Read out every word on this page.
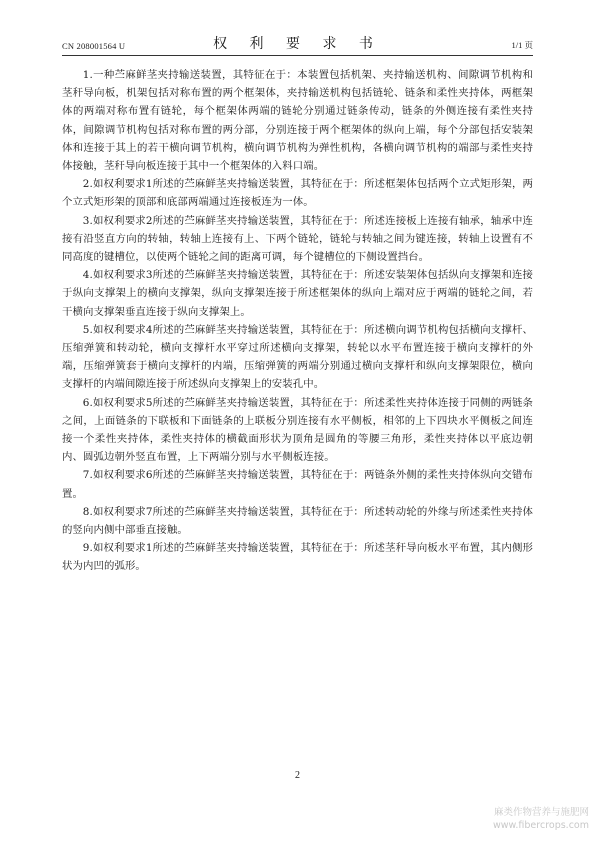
CN 208001564 U	权 利 要 求 书	1/1 页

1.一种苎麻鲜茎夹持输送装置，其特征在于：本装置包括机架、夹持输送机构、间隙调节机构和茎秆导向板，机架包括对称布置的两个框架体，夹持输送机构包括链轮、链条和柔性夹持体，两框架体的两端对称布置有链轮，每个框架体两端的链轮分别通过链条传动，链条的外侧连接有柔性夹持体，间隙调节机构包括对称布置的两分部，分别连接于两个框架体的纵向上端，每个分部包括安装架体和连接于其上的若干横向调节机构，横向调节机构为弹性机构，各横向调节机构的端部与柔性夹持体接触，茎秆导向板连接于其中一个框架体的入料口端。

2.如权利要求1所述的苎麻鲜茎夹持输送装置，其特征在于：所述框架体包括两个立式矩形架，两个立式矩形架的顶部和底部两端通过连接板连为一体。

3.如权利要求2所述的苎麻鲜茎夹持输送装置，其特征在于：所述连接板上连接有轴承，轴承中连接有沿竖直方向的转轴，转轴上连接有上、下两个链轮，链轮与转轴之间为键连接，转轴上设置有不同高度的键槽位，以使两个链轮之间的距离可调，每个键槽位的下侧设置挡台。

4.如权利要求3所述的苎麻鲜茎夹持输送装置，其特征在于：所述安装架体包括纵向支撑架和连接于纵向支撑架上的横向支撑架，纵向支撑架连接于所述框架体的纵向上端对应于两端的链轮之间，若干横向支撑架垂直连接于纵向支撑架上。

5.如权利要求4所述的苎麻鲜茎夹持输送装置，其特征在于：所述横向调节机构包括横向支撑杆、压缩弹簧和转动轮，横向支撑杆水平穿过所述横向支撑架，转轮以水平布置连接于横向支撑杆的外端，压缩弹簧套于横向支撑杆的内端，压缩弹簧的两端分别通过横向支撑杆和纵向支撑架限位，横向支撑杆的内端间隙连接于所述纵向支撑架上的安装孔中。

6.如权利要求5所述的苎麻鲜茎夹持输送装置，其特征在于：所述柔性夹持体连接于同侧的两链条之间，上面链条的下联板和下面链条的上联板分别连接有水平侧板，相邻的上下四块水平侧板之间连接一个柔性夹持体，柔性夹持体的横截面形状为顶角是圆角的等腰三角形，柔性夹持体以平底边朝内、圆弧边朝外竖直布置，上下两端分别与水平侧板连接。

7.如权利要求6所述的苎麻鲜茎夹持输送装置，其特征在于：两链条外侧的柔性夹持体纵向交错布置。

8.如权利要求7所述的苎麻鲜茎夹持输送装置，其特征在于：所述转动轮的外缘与所述柔性夹持体的竖向内侧中部垂直接触。

9.如权利要求1所述的苎麻鲜茎夹持输送装置，其特征在于：所述茎秆导向板水平布置，其内侧形状为内凹的弧形。

2
麻类作物营养与施肥网
www.fibercrops.com
